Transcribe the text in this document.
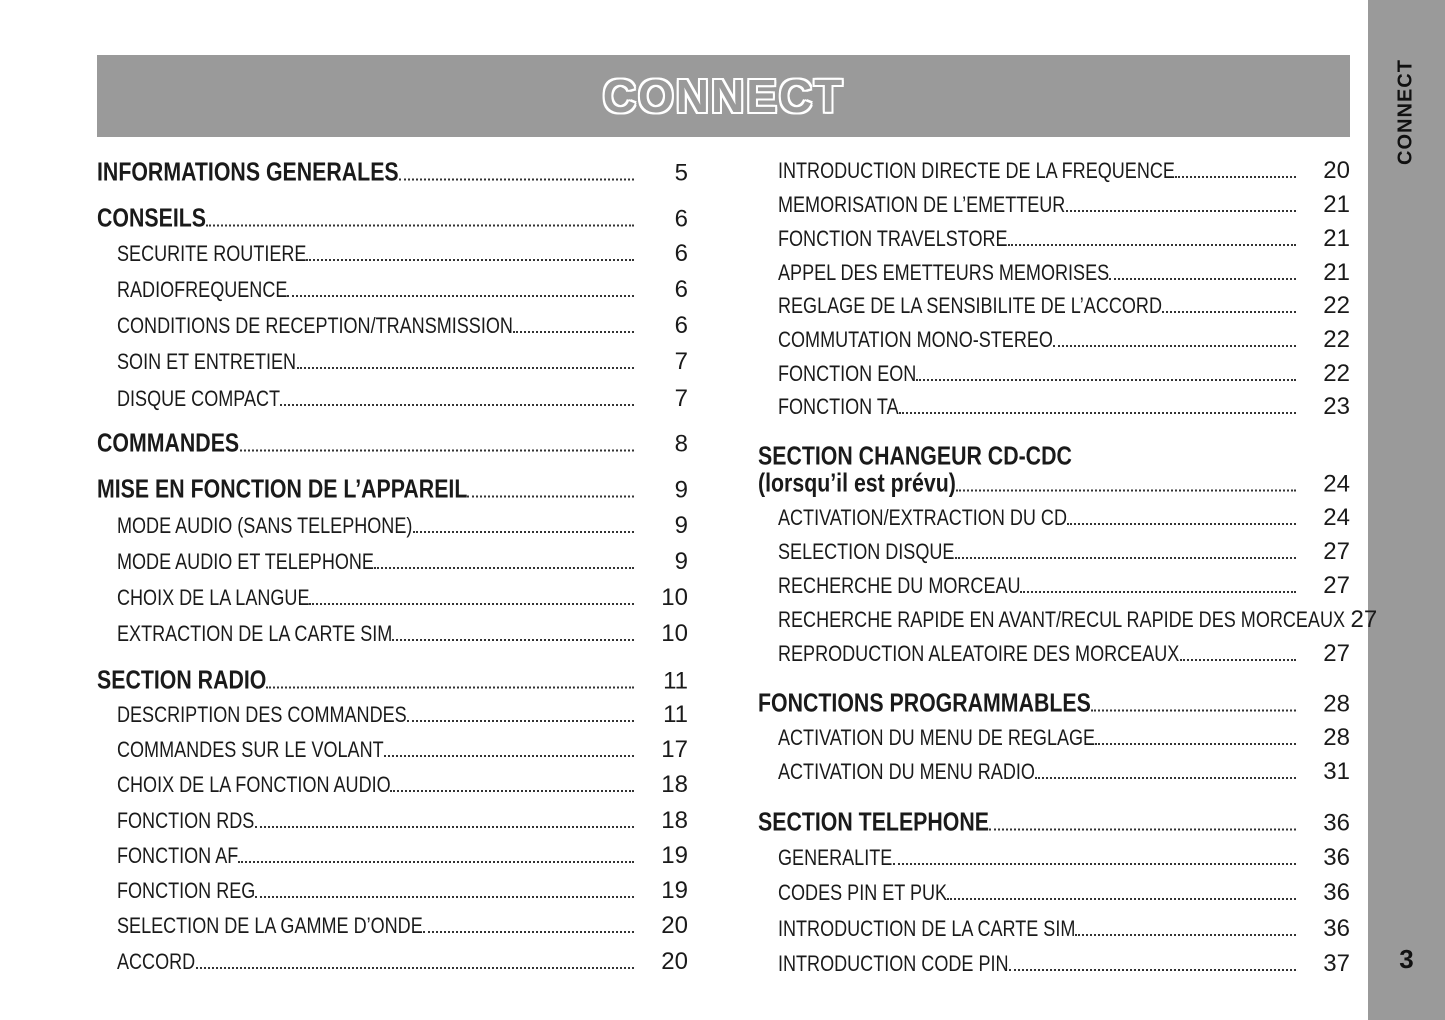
CONNECT	CONNECT
3
INFORMATIONS GENERALES	5
CONSEILS	6
SECURITE ROUTIERE	6
RADIOFREQUENCE	6
CONDITIONS DE RECEPTION/TRANSMISSION	6
SOIN ET ENTRETIEN	7
DISQUE COMPACT	7
COMMANDES	8
MISE EN FONCTION DE L’APPAREIL	9
MODE AUDIO (SANS TELEPHONE)	9
MODE AUDIO ET TELEPHONE	9
CHOIX DE LA LANGUE	10
EXTRACTION DE LA CARTE SIM	10
SECTION RADIO	11
DESCRIPTION DES COMMANDES	11
COMMANDES SUR LE VOLANT	17
CHOIX DE LA FONCTION AUDIO	18
FONCTION RDS	18
FONCTION AF	19
FONCTION REG	19
SELECTION DE LA GAMME D’ONDE	20
ACCORD	20
INTRODUCTION DIRECTE DE LA FREQUENCE	20
MEMORISATION DE L’EMETTEUR	21
FONCTION TRAVELSTORE	21
APPEL DES EMETTEURS MEMORISES	21
REGLAGE DE LA SENSIBILITE DE L’ACCORD	22
COMMUTATION MONO-STEREO	22
FONCTION EON	22
FONCTION TA	23
SECTION CHANGEUR CD-CDC
(lorsqu’il est prévu)	24
ACTIVATION/EXTRACTION DU CD	24
SELECTION DISQUE	27
RECHERCHE DU MORCEAU	27
RECHERCHE RAPIDE EN AVANT/RECUL RAPIDE DES MORCEAUX 27
REPRODUCTION ALEATOIRE DES MORCEAUX	27
FONCTIONS PROGRAMMABLES	28
ACTIVATION DU MENU DE REGLAGE	28
ACTIVATION DU MENU RADIO	31
SECTION TELEPHONE	36
GENERALITE	36
CODES PIN ET PUK	36
INTRODUCTION DE LA CARTE SIM	36
INTRODUCTION CODE PIN	37
